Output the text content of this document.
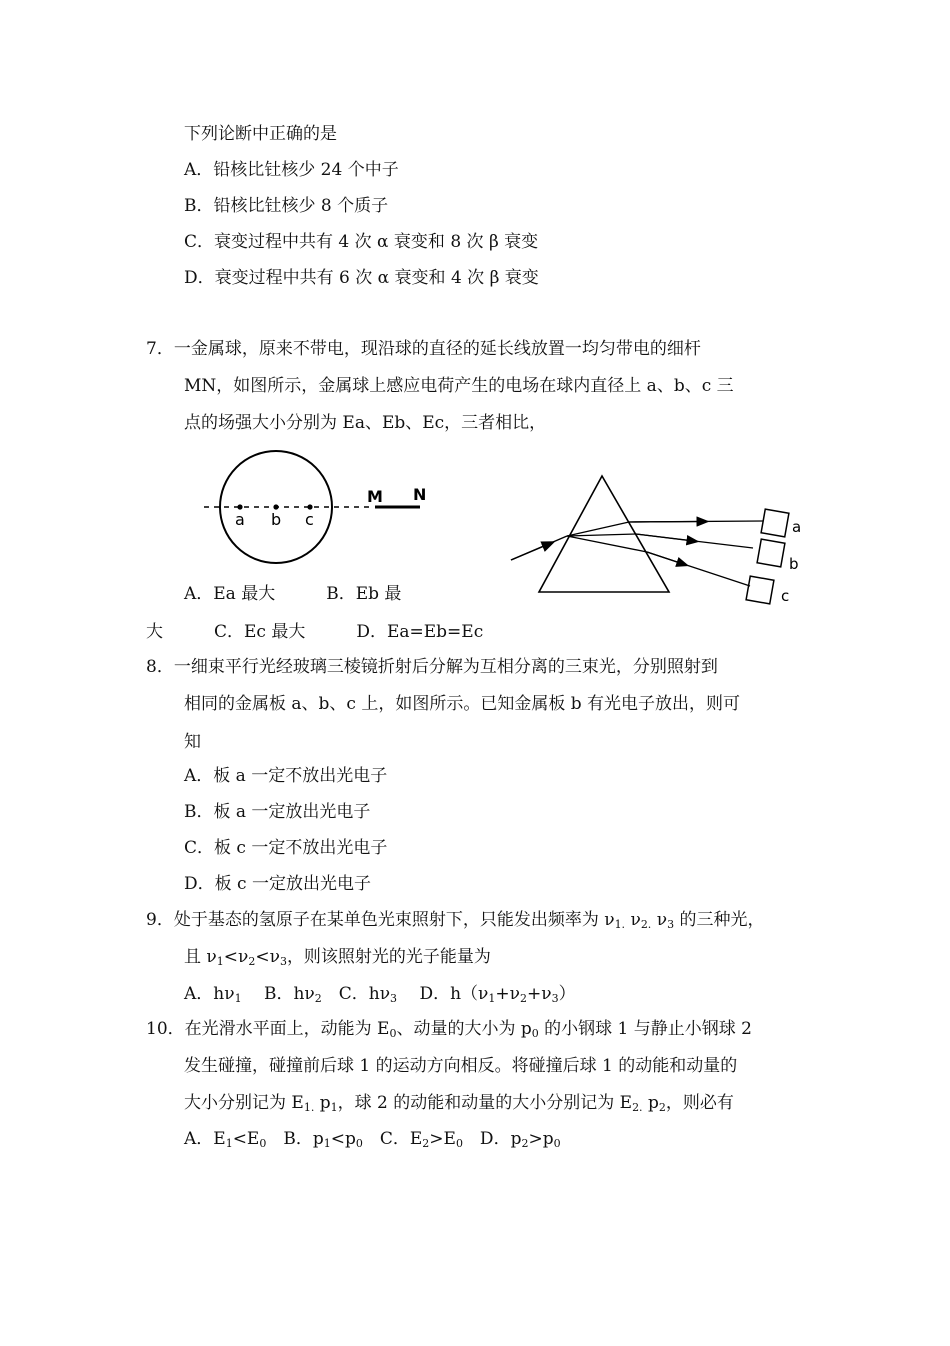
下列论断中正确的是
A．铅核比钍核少 24 个中子
B．铅核比钍核少 8 个质子
C．衰变过程中共有 4 次 α 衰变和 8 次 β 衰变
D．衰变过程中共有 6 次 α 衰变和 4 次 β 衰变
7．一金属球，原来不带电，现沿球的直径的延长线放置一均匀带电的细杆
MN，如图所示，金属球上感应电荷产生的电场在球内直径上 a、b、c 三
点的场强大小分别为 Ea、Eb、Ec，三者相比，
a b c
M N
a
b
c
A．Ea 最大　　　B．Eb 最
大　　　C．Ec 最大　　　D．Ea=Eb=Ec
8．一细束平行光经玻璃三棱镜折射后分解为互相分离的三束光，分别照射到
相同的金属板 a、b、c 上，如图所示。已知金属板 b 有光电子放出，则可
知
A．板 a 一定不放出光电子
B．板 a 一定放出光电子
C．板 c 一定不放出光电子
D．板 c 一定放出光电子
9．处于基态的氢原子在某单色光束照射下，只能发出频率为 $\nu_{1.}$ $\nu_{2.}$ $\nu_3$ 的三种光，
且 $\nu_1<\nu_2<\nu_3$，则该照射光的光子能量为
A．$h\nu_1$　 B．$h\nu_2$　C．$h\nu_3$　 D．$h(\nu_1+\nu_2+\nu_3)$
10．在光滑水平面上，动能为 $E_0$、动量的大小为 $p_0$ 的小钢球 1 与静止小钢球 2
发生碰撞，碰撞前后球 1 的运动方向相反。将碰撞后球 1 的动能和动量的
大小分别记为 $E_{1.}$ $p_1$，球 2 的动能和动量的大小分别记为 $E_{2.}$ $p_2$，则必有
A．$E_1<E_0$　B．$p_1<p_0$　C．$E_2>E_0$　D．$p_2>p_0$
